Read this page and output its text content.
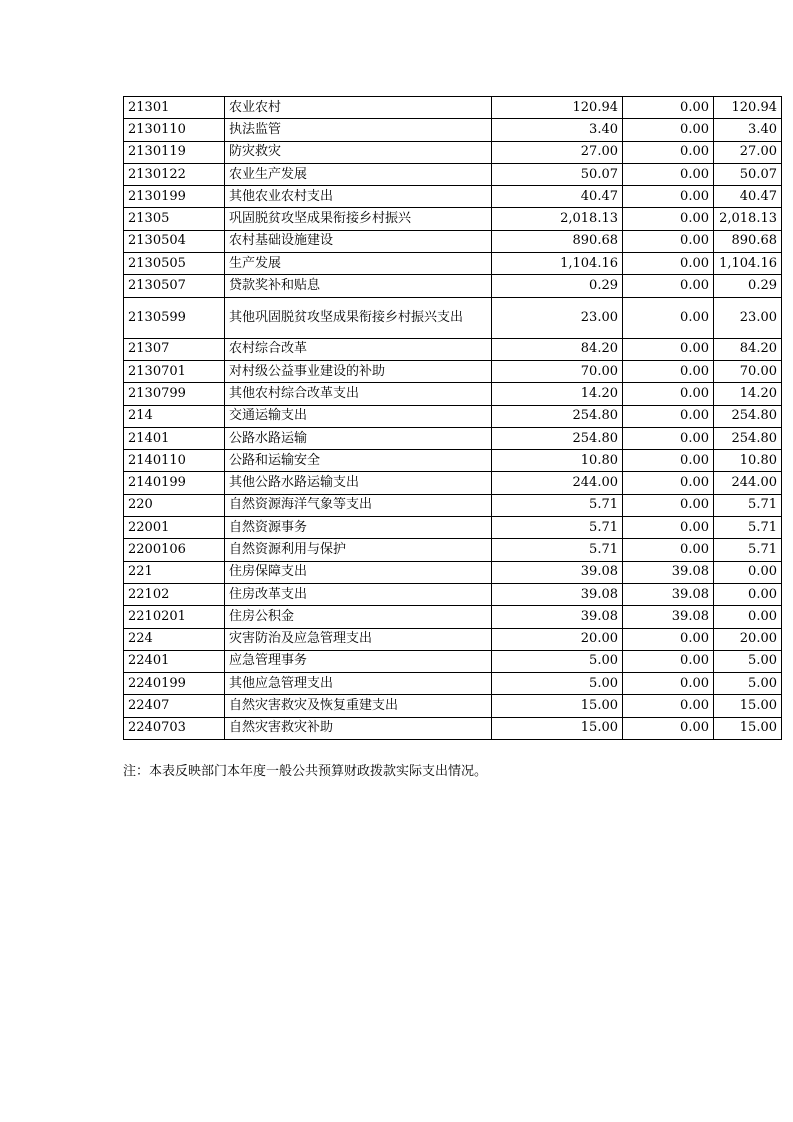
21301	农业农村	120.94	0.00	120.94
2130110	执法监管	3.40	0.00	3.40
2130119	防灾救灾	27.00	0.00	27.00
2130122	农业生产发展	50.07	0.00	50.07
2130199	其他农业农村支出	40.47	0.00	40.47
21305	巩固脱贫攻坚成果衔接乡村振兴	2,018.13	0.00	2,018.13
2130504	农村基础设施建设	890.68	0.00	890.68
2130505	生产发展	1,104.16	0.00	1,104.16
2130507	贷款奖补和贴息	0.29	0.00	0.29
2130599	其他巩固脱贫攻坚成果衔接乡村振兴支出	23.00	0.00	23.00
21307	农村综合改革	84.20	0.00	84.20
2130701	对村级公益事业建设的补助	70.00	0.00	70.00
2130799	其他农村综合改革支出	14.20	0.00	14.20
214	交通运输支出	254.80	0.00	254.80
21401	公路水路运输	254.80	0.00	254.80
2140110	公路和运输安全	10.80	0.00	10.80
2140199	其他公路水路运输支出	244.00	0.00	244.00
220	自然资源海洋气象等支出	5.71	0.00	5.71
22001	自然资源事务	5.71	0.00	5.71
2200106	自然资源利用与保护	5.71	0.00	5.71
221	住房保障支出	39.08	39.08	0.00
22102	住房改革支出	39.08	39.08	0.00
2210201	住房公积金	39.08	39.08	0.00
224	灾害防治及应急管理支出	20.00	0.00	20.00
22401	应急管理事务	5.00	0.00	5.00
2240199	其他应急管理支出	5.00	0.00	5.00
22407	自然灾害救灾及恢复重建支出	15.00	0.00	15.00
2240703	自然灾害救灾补助	15.00	0.00	15.00
注：本表反映部门本年度一般公共预算财政拨款实际支出情况。
